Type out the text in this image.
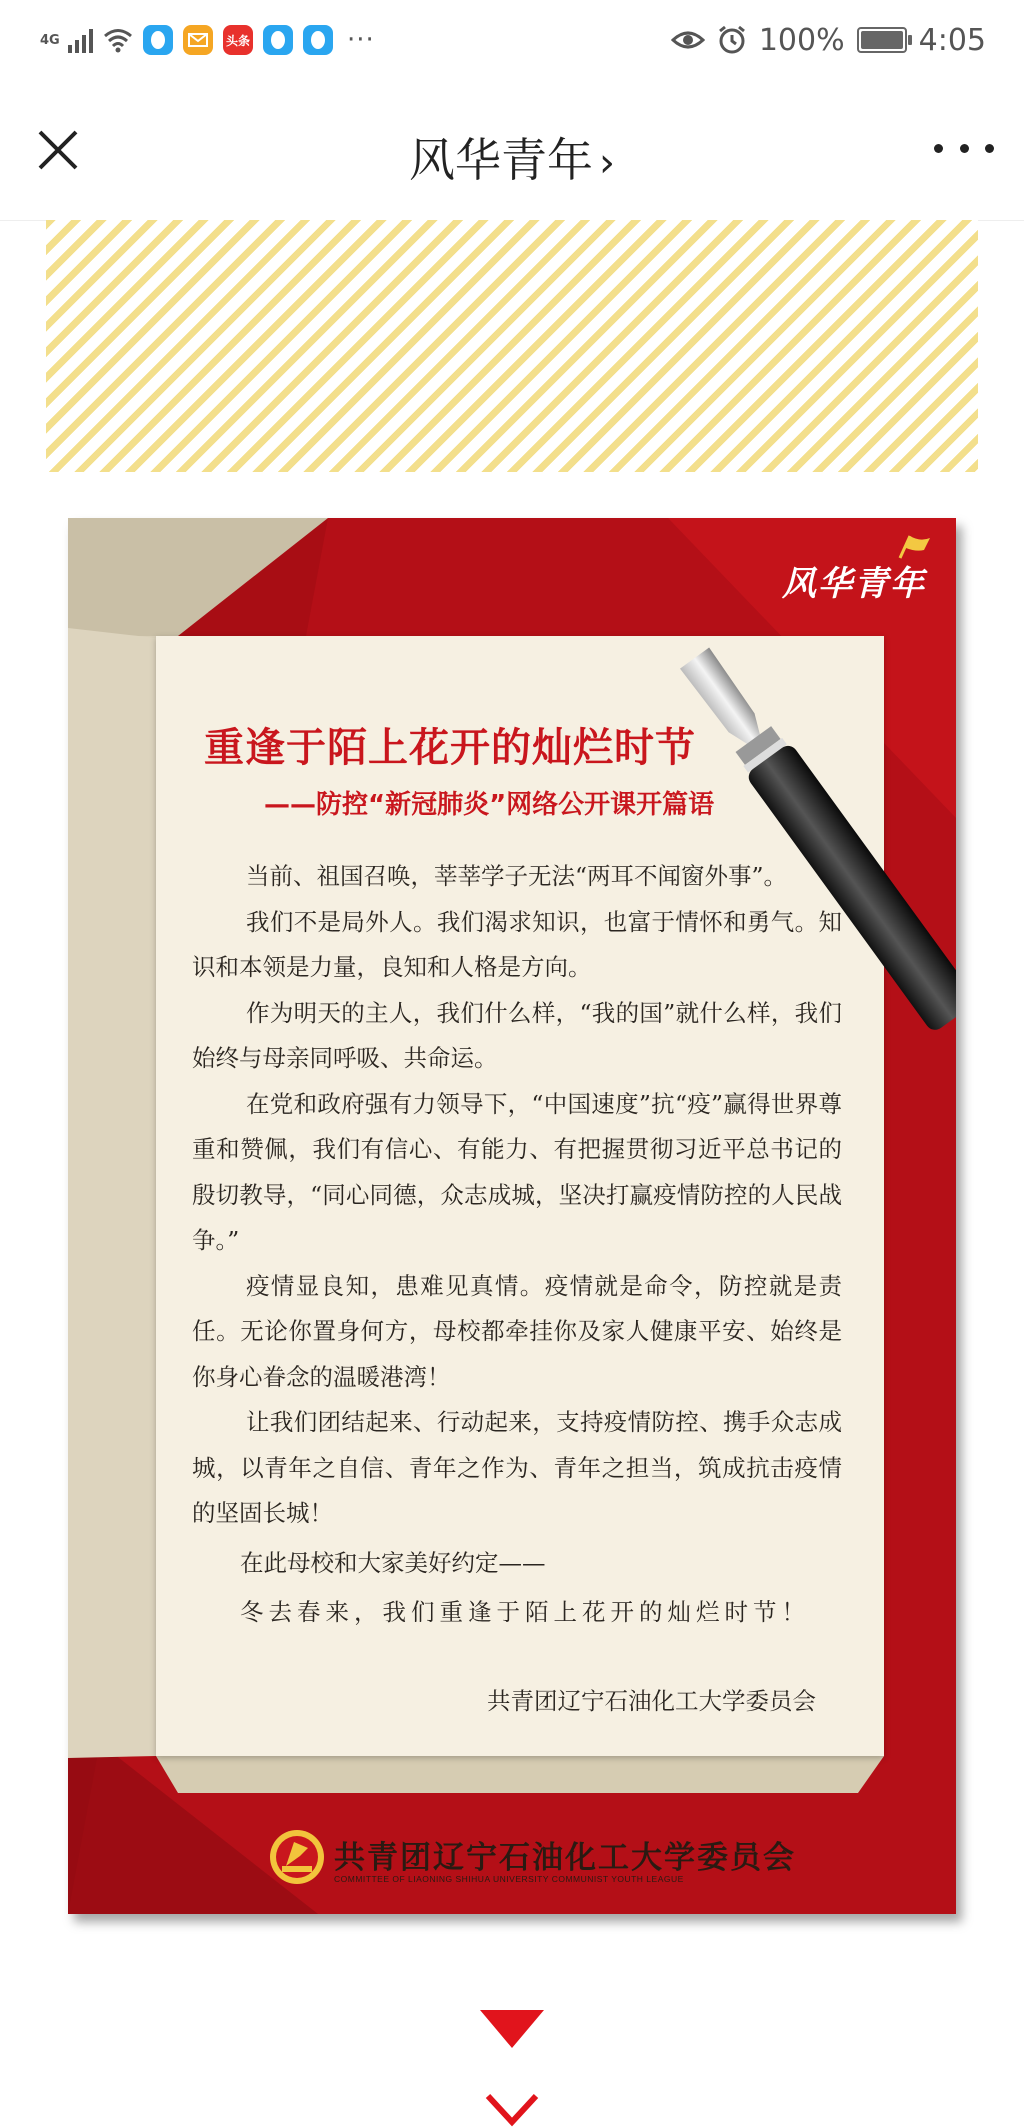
4G	头条	···	100% 4:05
风华青年 ›
风华青年
重逢于陌上花开的灿烂时节
——防控“新冠肺炎”网络公开课开篇语

当前、祖国召唤，莘莘学子无法“两耳不闻窗外事”。

我们不是局外人。我们渴求知识，也富于情怀和勇气。知识和本领是力量，良知和人格是方向。

作为明天的主人，我们什么样，“我的国”就什么样，我们始终与母亲同呼吸、共命运。

在党和政府强有力领导下，“中国速度”抗“疫”赢得世界尊重和赞佩，我们有信心、有能力、有把握贯彻习近平总书记的殷切教导，“同心同德，众志成城，坚决打赢疫情防控的人民战争。”

疫情显良知，患难见真情。疫情就是命令，防控就是责任。无论你置身何方，母校都牵挂你及家人健康平安、始终是你身心眷念的温暖港湾！

让我们团结起来、行动起来，支持疫情防控、携手众志成城，以青年之自信、青年之作为、青年之担当，筑成抗击疫情的坚固长城！

在此母校和大家美好约定——

冬去春来，我们重逢于陌上花开的灿烂时节！

共青团辽宁石油化工大学委员会
共青团辽宁石油化工大学委员会
COMMITTEE OF LIAONING SHIHUA UNIVERSITY COMMUNIST YOUTH LEAGUE
